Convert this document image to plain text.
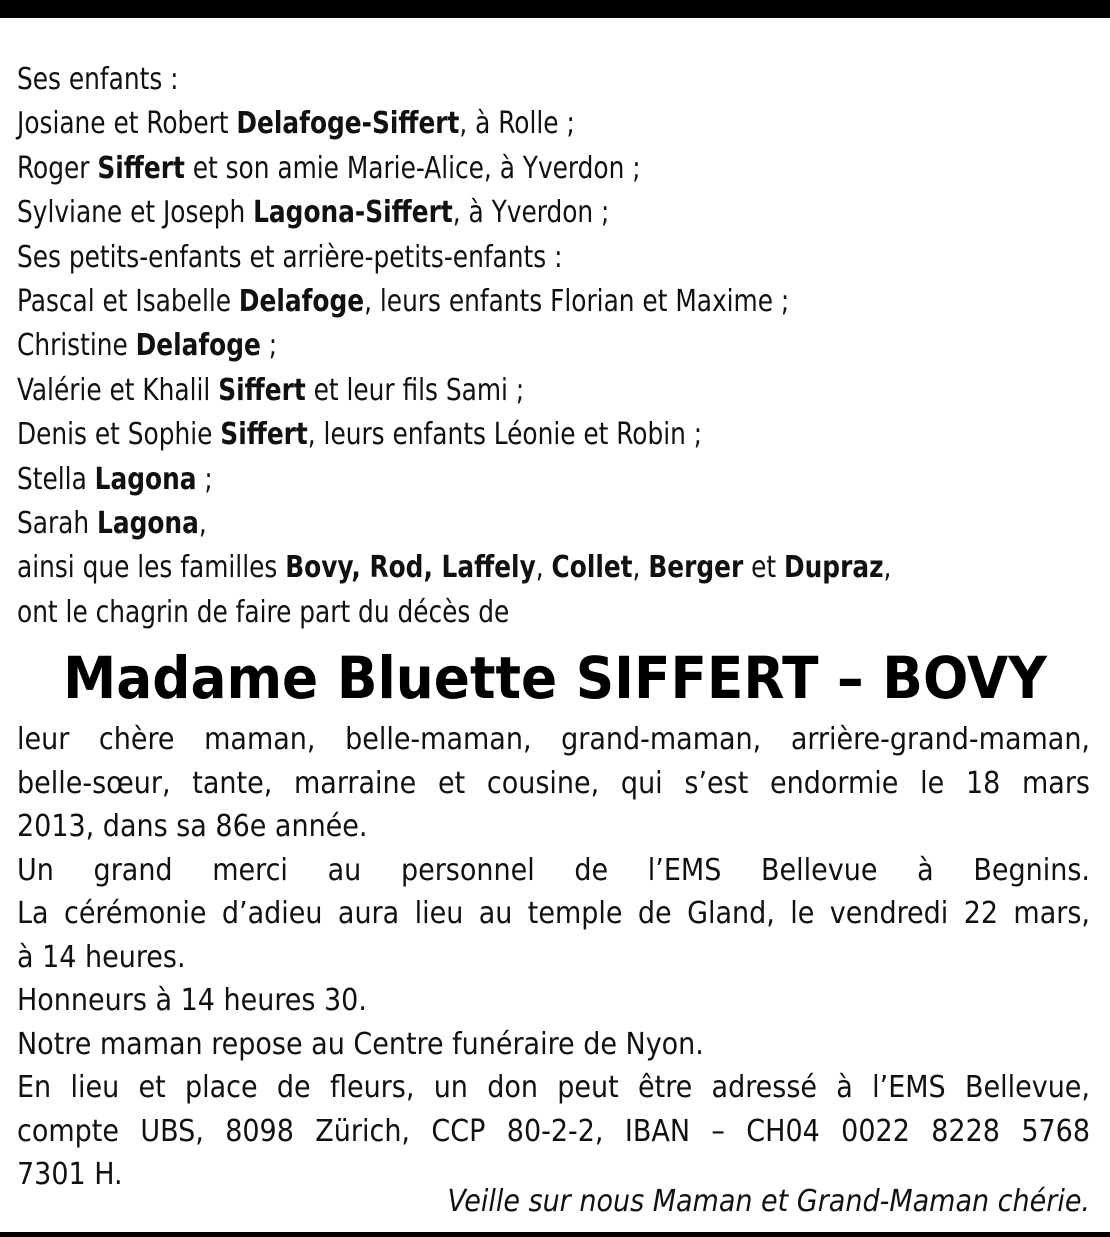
Ses enfants :
Josiane et Robert Delafoge-Siffert, à Rolle ;
Roger Siffert et son amie Marie-Alice, à Yverdon ;
Sylviane et Joseph Lagona-Siffert, à Yverdon ;
Ses petits-enfants et arrière-petits-enfants :
Pascal et Isabelle Delafoge, leurs enfants Florian et Maxime ;
Christine Delafoge ;
Valérie et Khalil Siffert et leur fils Sami ;
Denis et Sophie Siffert, leurs enfants Léonie et Robin ;
Stella Lagona ;
Sarah Lagona,
ainsi que les familles Bovy, Rod, Laffely, Collet, Berger et Dupraz,
ont le chagrin de faire part du décès de
Madame Bluette SIFFERT – BOVY
leur chère maman, belle-maman, grand-maman, arrière-grand-maman,
belle-sœur, tante, marraine et cousine, qui s’est endormie le 18 mars
2013, dans sa 86e année.
Un grand merci au personnel de l’EMS Bellevue à Begnins.
La cérémonie d’adieu aura lieu au temple de Gland, le vendredi 22 mars,
à 14 heures.
Honneurs à 14 heures 30.
Notre maman repose au Centre funéraire de Nyon.
En lieu et place de fleurs, un don peut être adressé à l’EMS Bellevue,
compte UBS, 8098 Zürich, CCP 80-2-2, IBAN – CH04 0022 8228 5768
7301 H.
Veille sur nous Maman et Grand-Maman chérie.
